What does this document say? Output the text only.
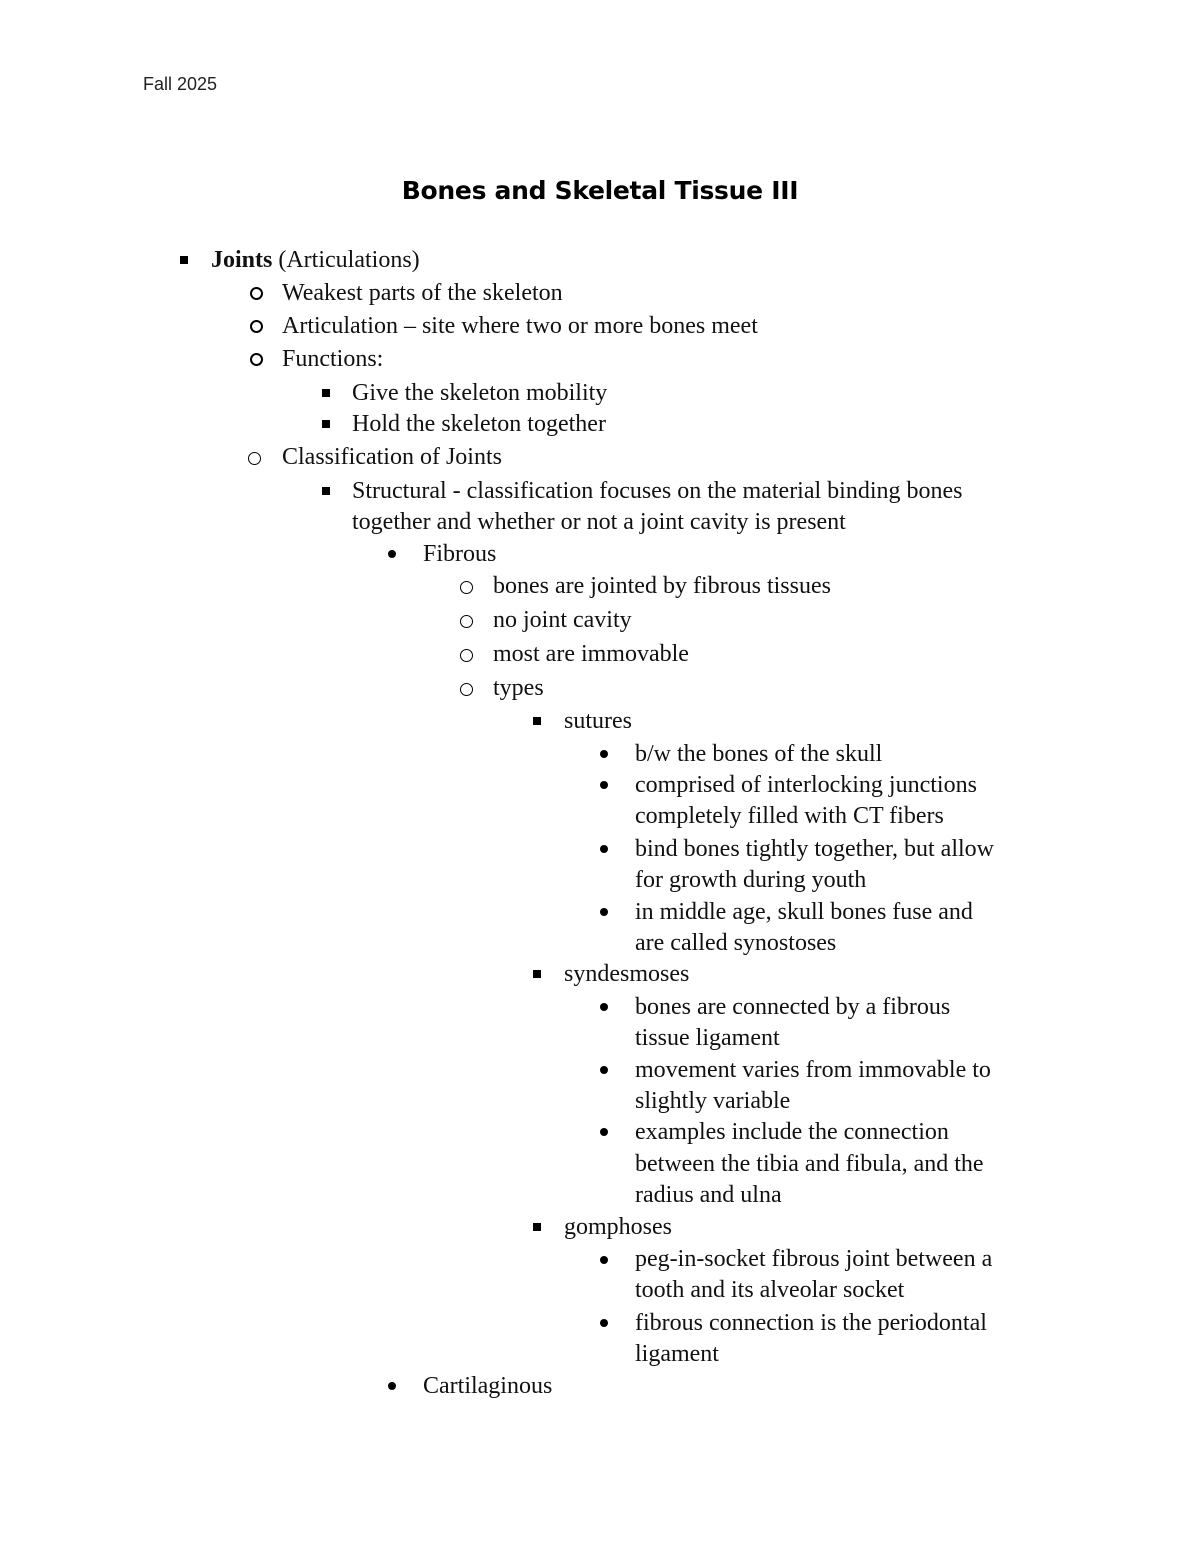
Fall 2025
Bones and Skeletal Tissue III
Joints (Articulations)
Weakest parts of the skeleton
Articulation – site where two or more bones meet
Functions:
Give the skeleton mobility
Hold the skeleton together
Classification of Joints
Structural - classification focuses on the material binding bones
together and whether or not a joint cavity is present
Fibrous
bones are jointed by fibrous tissues
no joint cavity
most are immovable
types
sutures
b/w the bones of the skull
comprised of interlocking junctions
completely filled with CT fibers
bind bones tightly together, but allow
for growth during youth
in middle age, skull bones fuse and
are called synostoses
syndesmoses
bones are connected by a fibrous
tissue ligament
movement varies from immovable to
slightly variable
examples include the connection
between the tibia and fibula, and the
radius and ulna
gomphoses
peg-in-socket fibrous joint between a
tooth and its alveolar socket
fibrous connection is the periodontal
ligament
Cartilaginous
